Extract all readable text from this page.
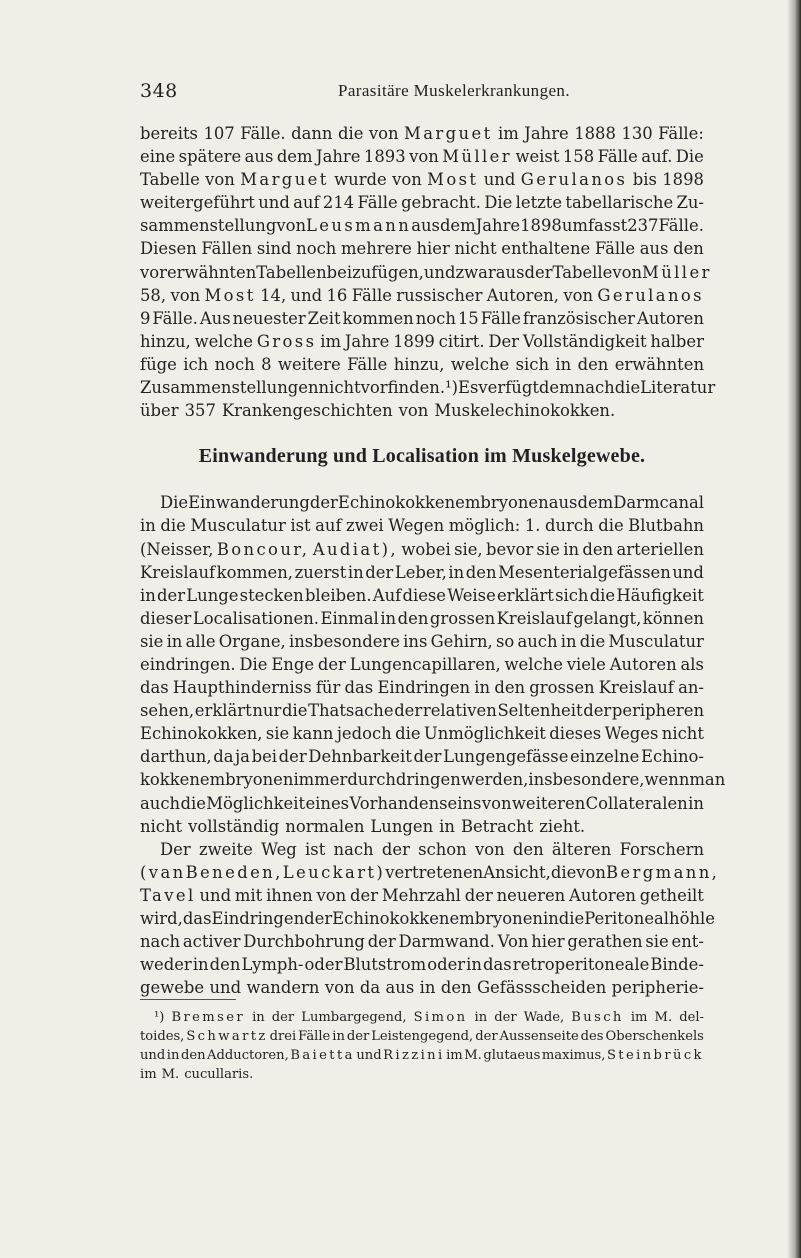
348	Parasitäre Muskelerkrankungen.
bereits 107 Fälle. dann die von Marguet im Jahre 1888 130 Fälle:
eine spätere aus dem Jahre 1893 von Müller weist 158 Fälle auf. Die
Tabelle von Marguet wurde von Most und Gerulanos bis 1898
weitergeführt und auf 214 Fälle gebracht. Die letzte tabellarische Zu-
sammenstellung von Leusmann aus dem Jahre 1898 umfasst 237 Fälle.
Diesen Fällen sind noch mehrere hier nicht enthaltene Fälle aus den
vorerwähnten Tabellen beizufügen, und zwar aus der Tabelle von Müller
58, von Most 14, und 16 Fälle russischer Autoren, von Gerulanos
9 Fälle. Aus neuester Zeit kommen noch 15 Fälle französischer Autoren
hinzu, welche Gross im Jahre 1899 citirt. Der Vollständigkeit halber
füge ich noch 8 weitere Fälle hinzu, welche sich in den erwähnten
Zusammenstellungen nicht vorfinden. ¹) Es verfügt demnach die Literatur
über 357 Krankengeschichten von Muskelechinokokken.
Einwanderung und Localisation im Muskelgewebe.
Die Einwanderung der Echinokokkenembryonen aus dem Darmcanal
in die Musculatur ist auf zwei Wegen möglich: 1. durch die Blutbahn
(Neisser, Boncour, Audiat), wobei sie, bevor sie in den arteriellen
Kreislauf kommen, zuerst in der Leber, in den Mesenterialgefässen und
in der Lunge stecken bleiben. Auf diese Weise erklärt sich die Häufigkeit
dieser Localisationen. Einmal in den grossen Kreislauf gelangt, können
sie in alle Organe, insbesondere ins Gehirn, so auch in die Musculatur
eindringen. Die Enge der Lungencapillaren, welche viele Autoren als
das Haupthinderniss für das Eindringen in den grossen Kreislauf an-
sehen, erklärt nur die Thatsache der relativen Seltenheit der peripheren
Echinokokken, sie kann jedoch die Unmöglichkeit dieses Weges nicht
darthun, da ja bei der Dehnbarkeit der Lungengefässe einzelne Echino-
kokkenembryonen immer durchdringen werden, insbesondere, wenn man
auch die Möglichkeit eines Vorhandenseins von weiteren Collateralen in
nicht vollständig normalen Lungen in Betracht zieht.
Der zweite Weg ist nach der schon von den älteren Forschern
(van Beneden, Leuckart) vertretenen Ansicht, die von Bergmann,
Tavel und mit ihnen von der Mehrzahl der neueren Autoren getheilt
wird, das Eindringen der Echinokokkenembryonen in die Peritonealhöhle
nach activer Durchbohrung der Darmwand. Von hier gerathen sie ent-
weder in den Lymph- oder Blutstrom oder in das retroperitoneale Binde-
gewebe und wandern von da aus in den Gefässscheiden peripherie-
¹) Bremser in der Lumbargegend, Simon in der Wade, Busch im M. del-
toides, Schwartz drei Fälle in der Leistengegend, der Aussenseite des Oberschenkels
und in den Adductoren, Baietta und Rizzini im M. glutaeus maximus, Steinbrück
im M. cucullaris.
